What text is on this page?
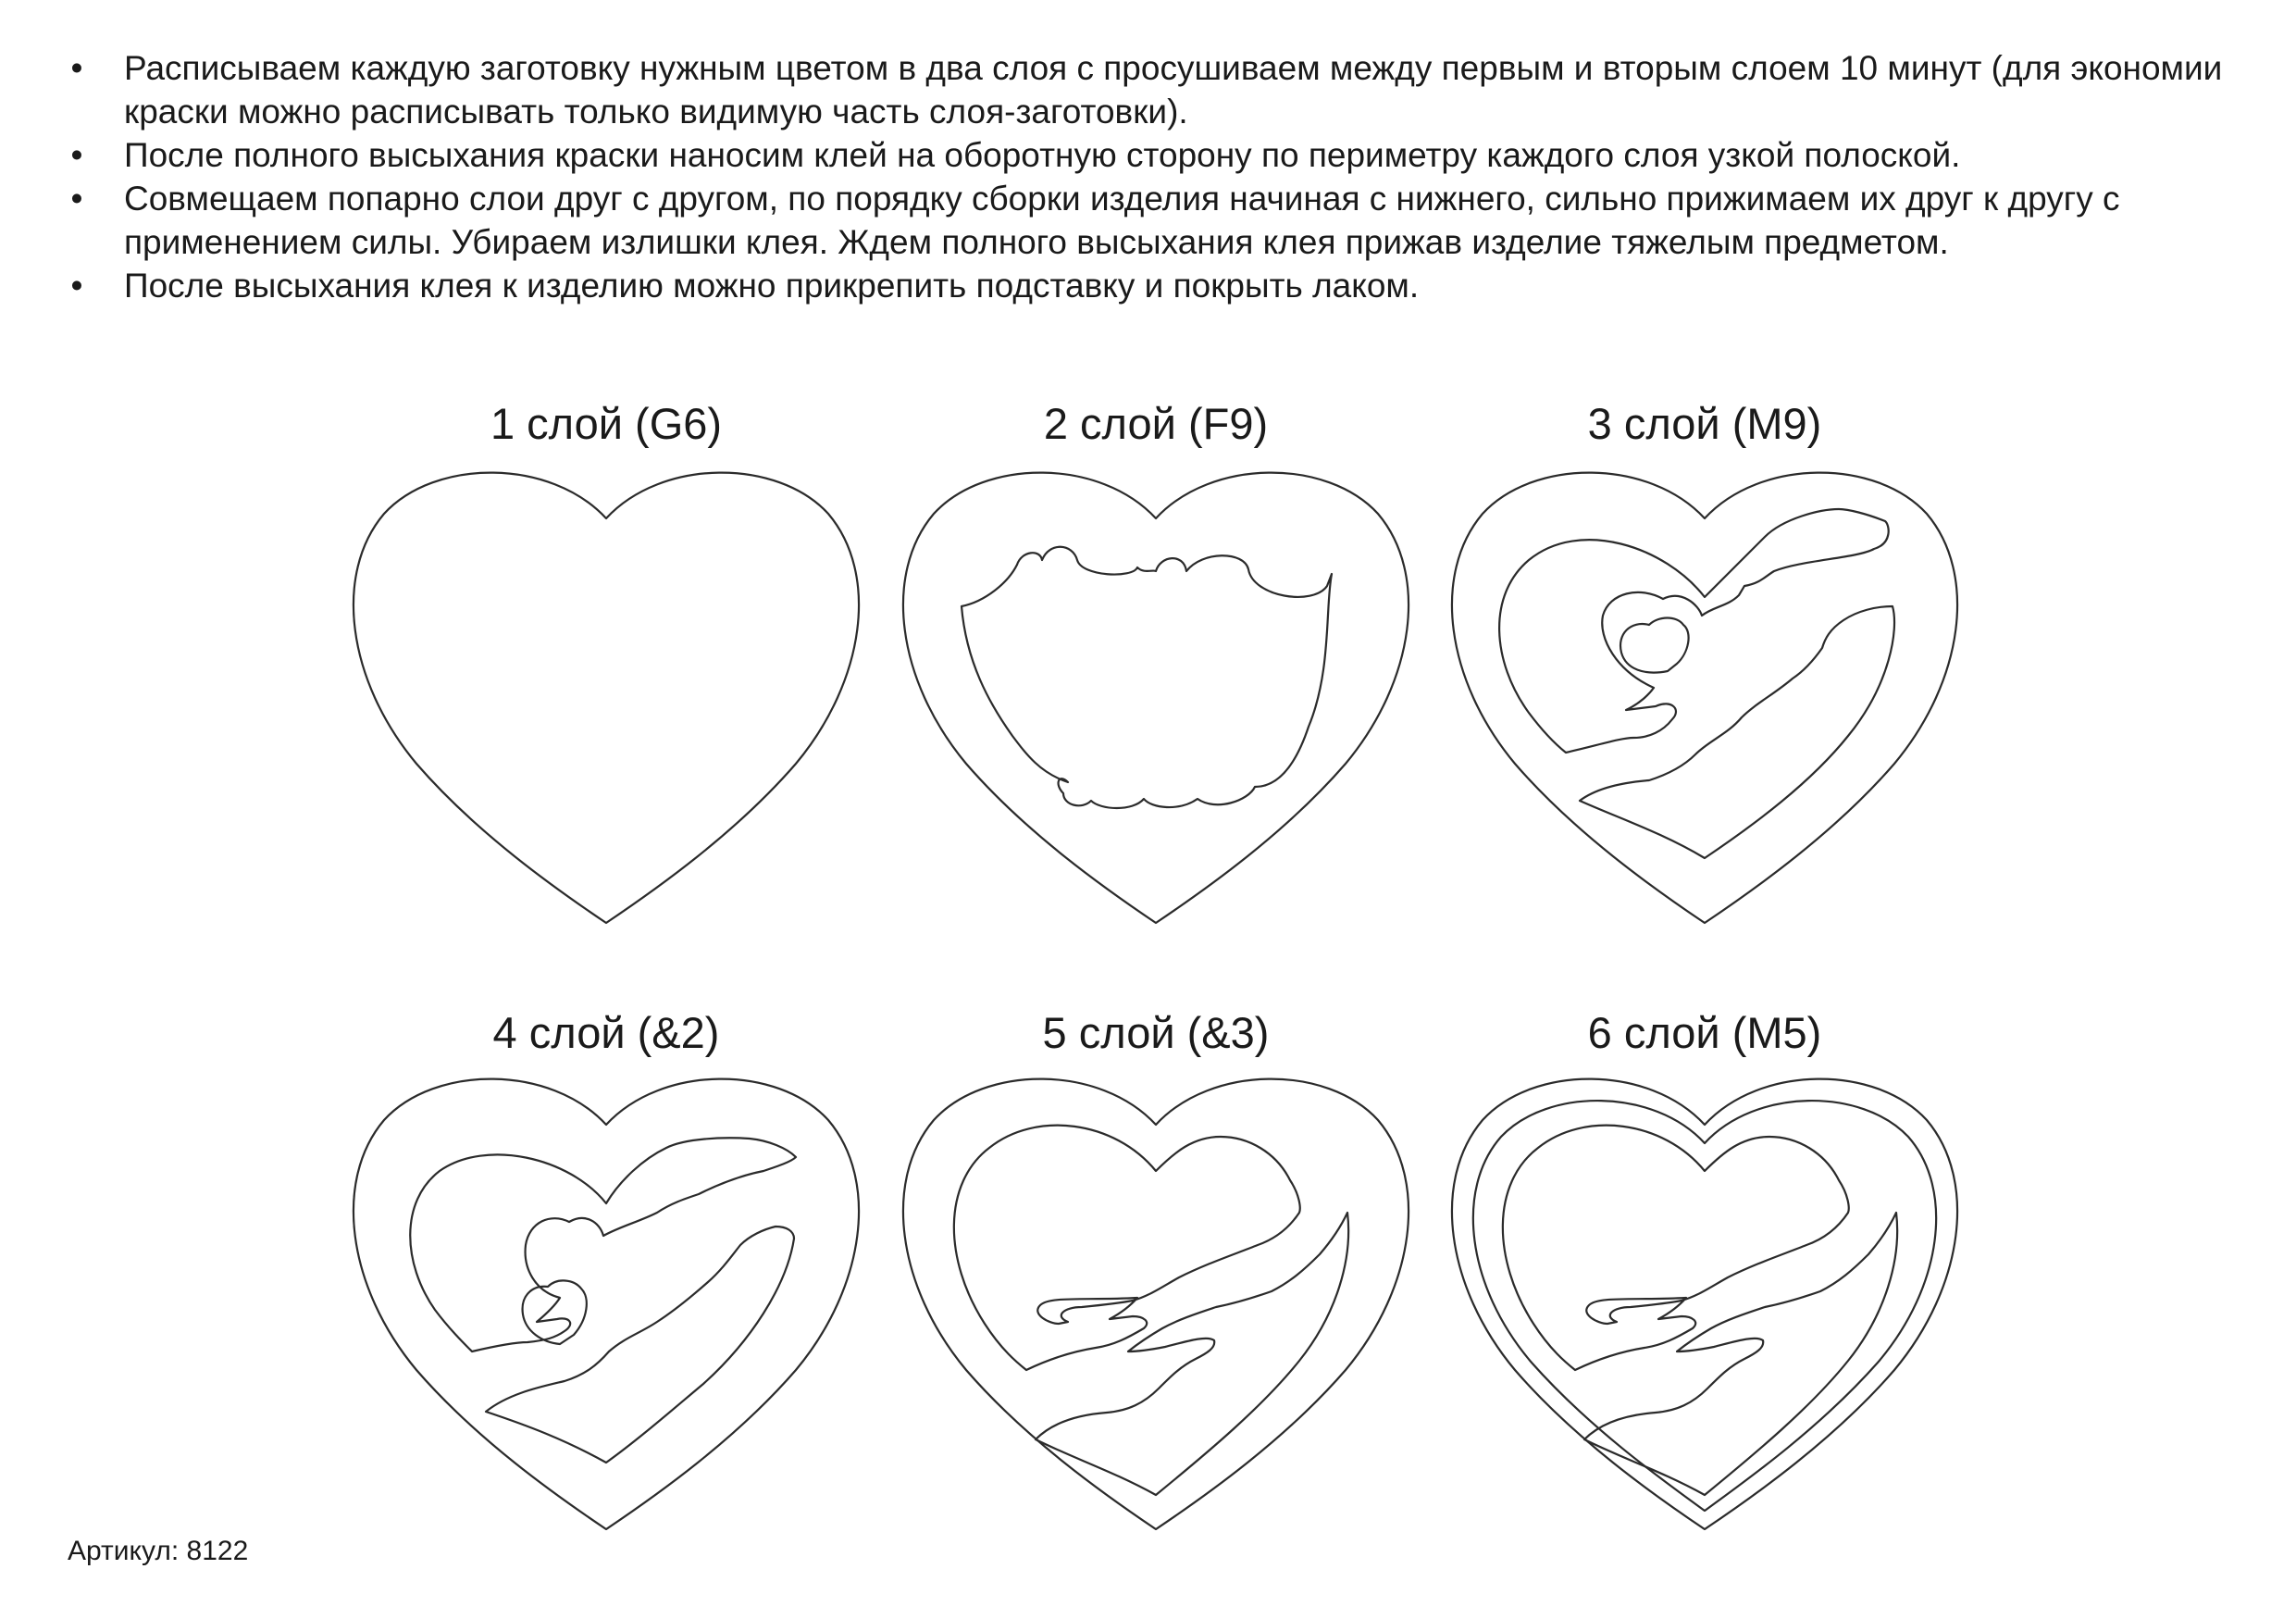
• Расписываем каждую заготовку нужным цветом в два слоя с просушиваем между первым и вторым слоем 10 минут (для экономии краски можно расписывать только видимую часть слоя-заготовки).
• После полного высыхания краски наносим клей на оборотную сторону по периметру каждого слоя узкой полоской.
• Совмещаем попарно слои друг с другом, по порядку сборки изделия начиная с нижнего, сильно прижимаем их друг к другу с применением силы. Убираем излишки клея. Ждем полного высыхания клея прижав изделие тяжелым предметом.
• После высыхания клея к изделию можно прикрепить подставку и покрыть лаком.
1 слой (G6)	2 слой (F9)	3 слой (M9)
4 слой (&2)	5 слой (&3)	6 слой (M5)
Артикул: 8122
